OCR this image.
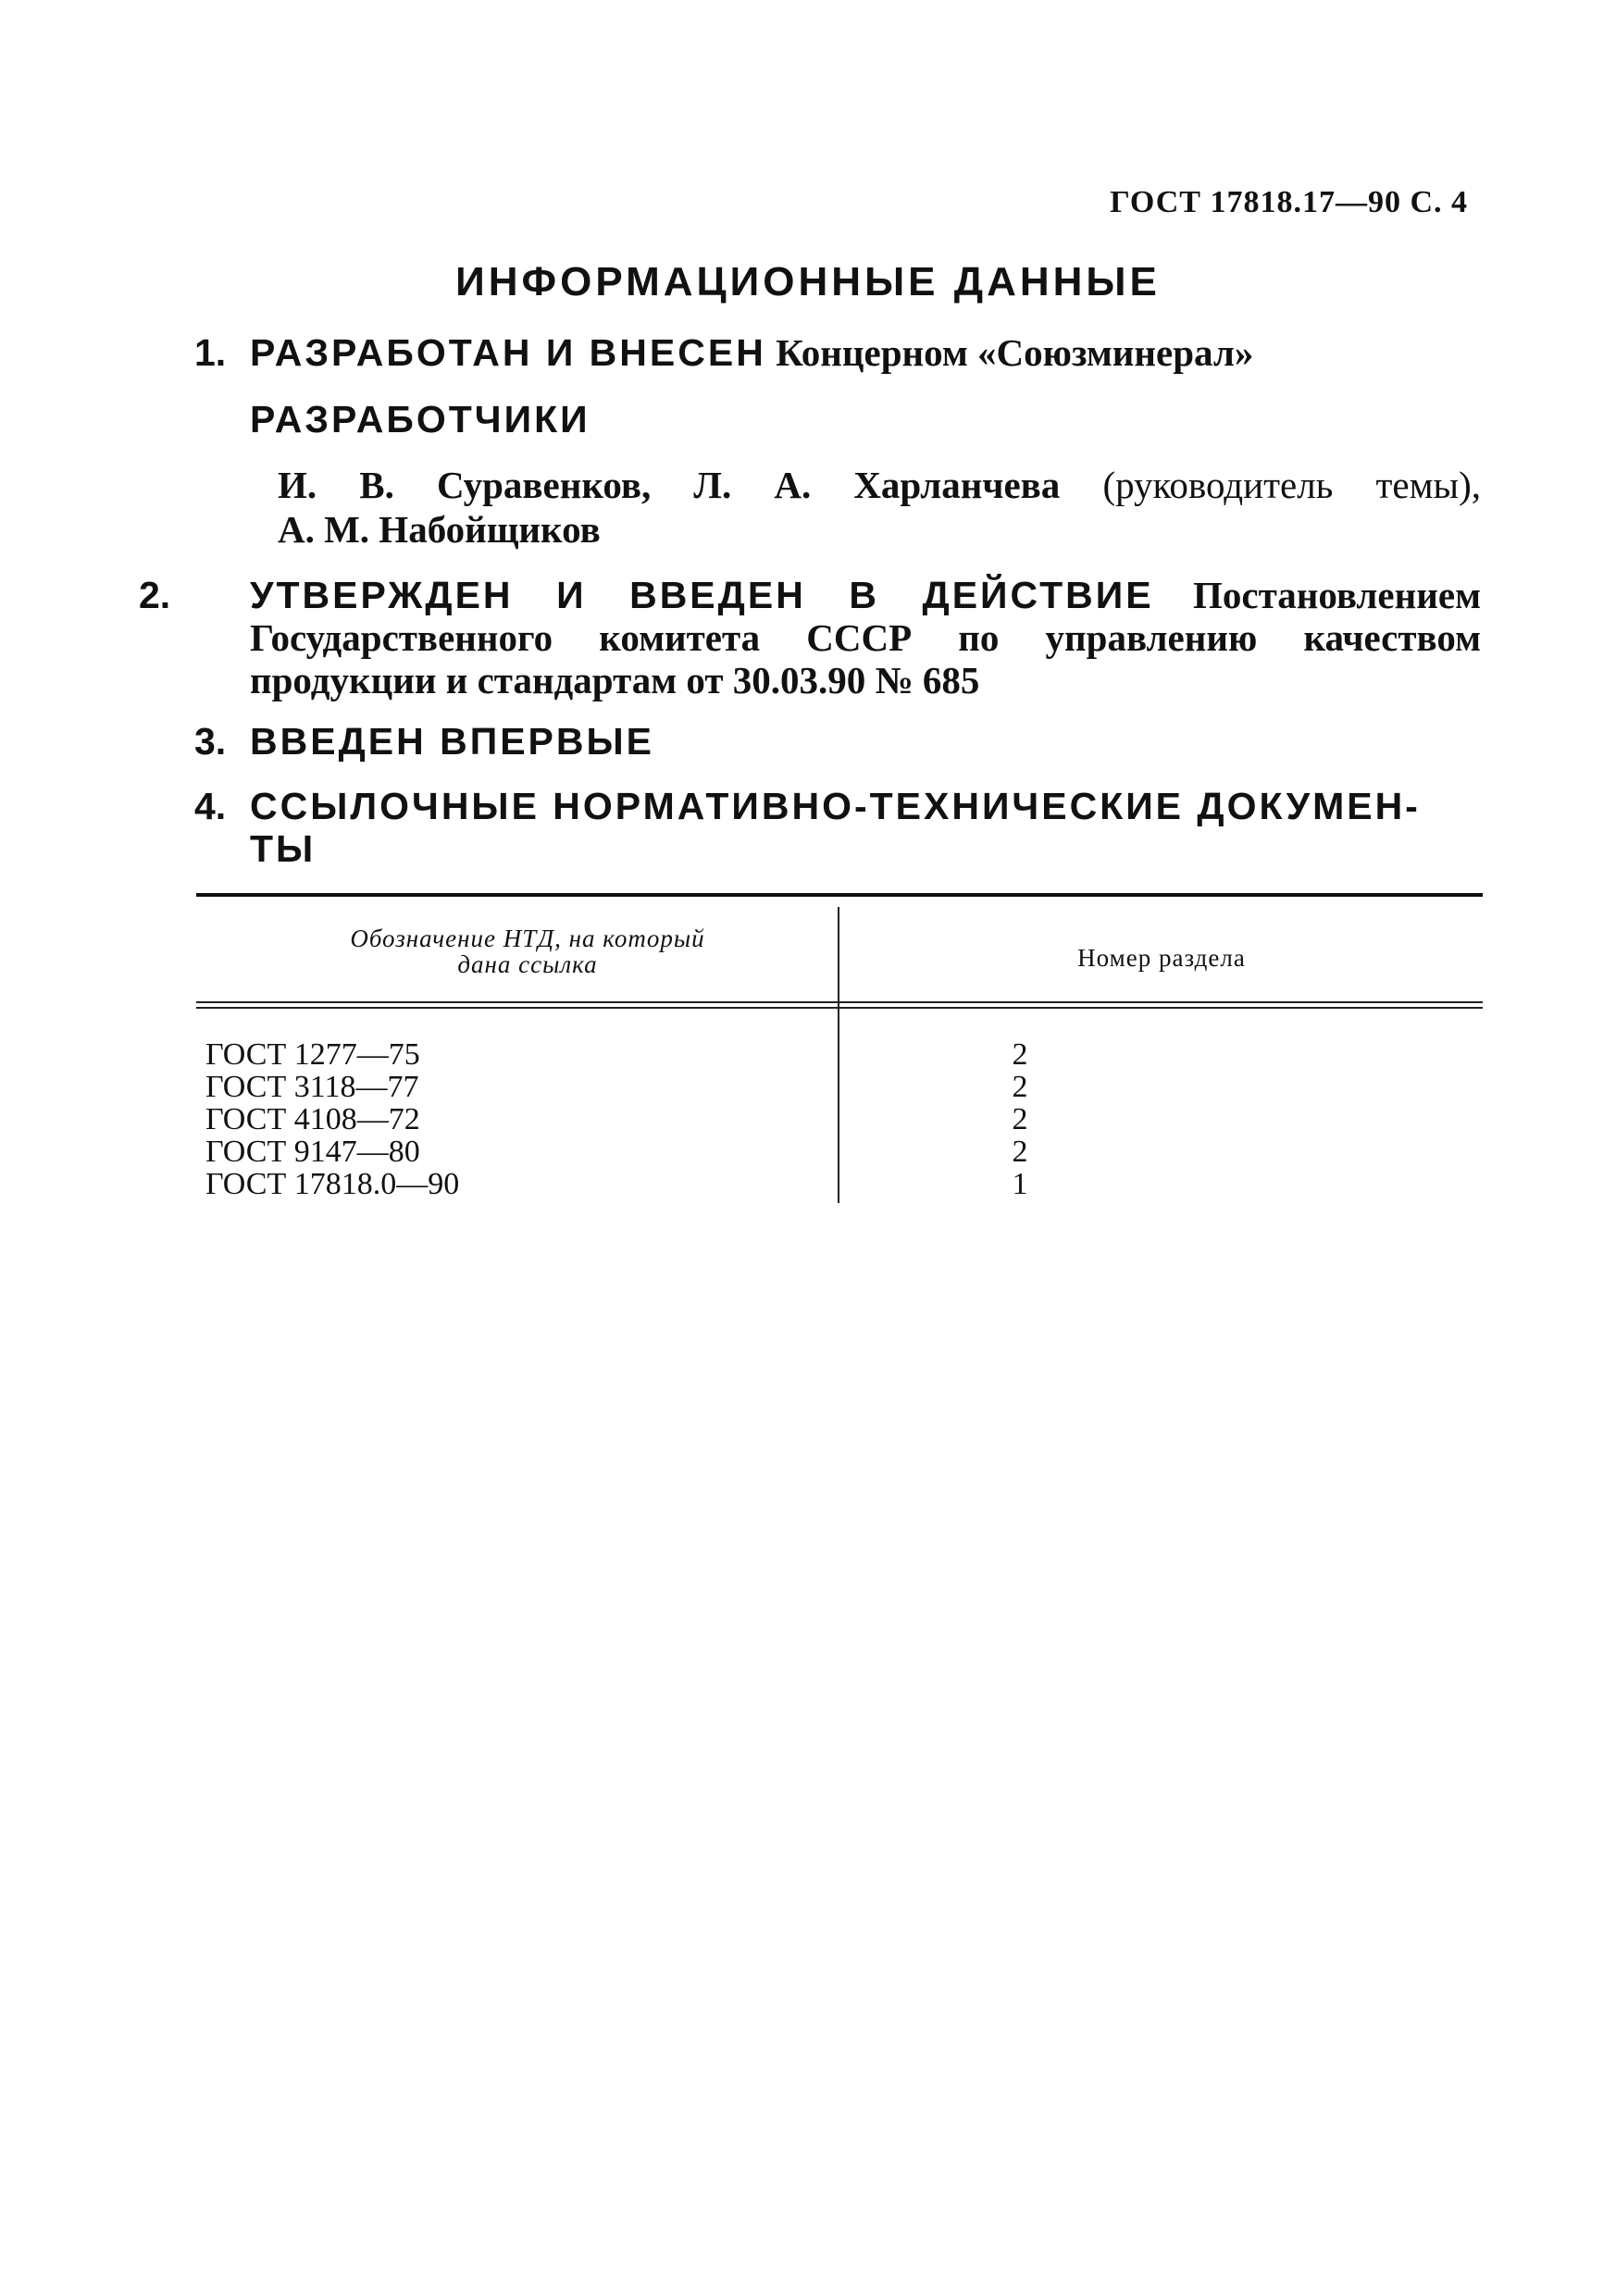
ГОСТ 17818.17—90 С. 4
ИНФОРМАЦИОННЫЕ ДАННЫЕ
1. РАЗРАБОТАН И ВНЕСЕН Концерном «Союзминерал»
РАЗРАБОТЧИКИ
И. В. Суравенков, Л. А. Харланчева (руководитель темы),
А. М. Набойщиков
2. УТВЕРЖДЕН И ВВЕДЕН В ДЕЙСТВИЕ Постановлением Государственного комитета СССР по управлению качеством продукции и стандартам от 30.03.90 № 685
3. ВВЕДЕН ВПЕРВЫЕ
4. ССЫЛОЧНЫЕ НОРМАТИВНО-ТЕХНИЧЕСКИЕ ДОКУМЕН-
ТЫ
Обозначение НТД, на который
дана ссылка	Номер раздела
ГОСТ 1277—75	2
ГОСТ 3118—77	2
ГОСТ 4108—72	2
ГОСТ 9147—80	2
ГОСТ 17818.0—90	1
